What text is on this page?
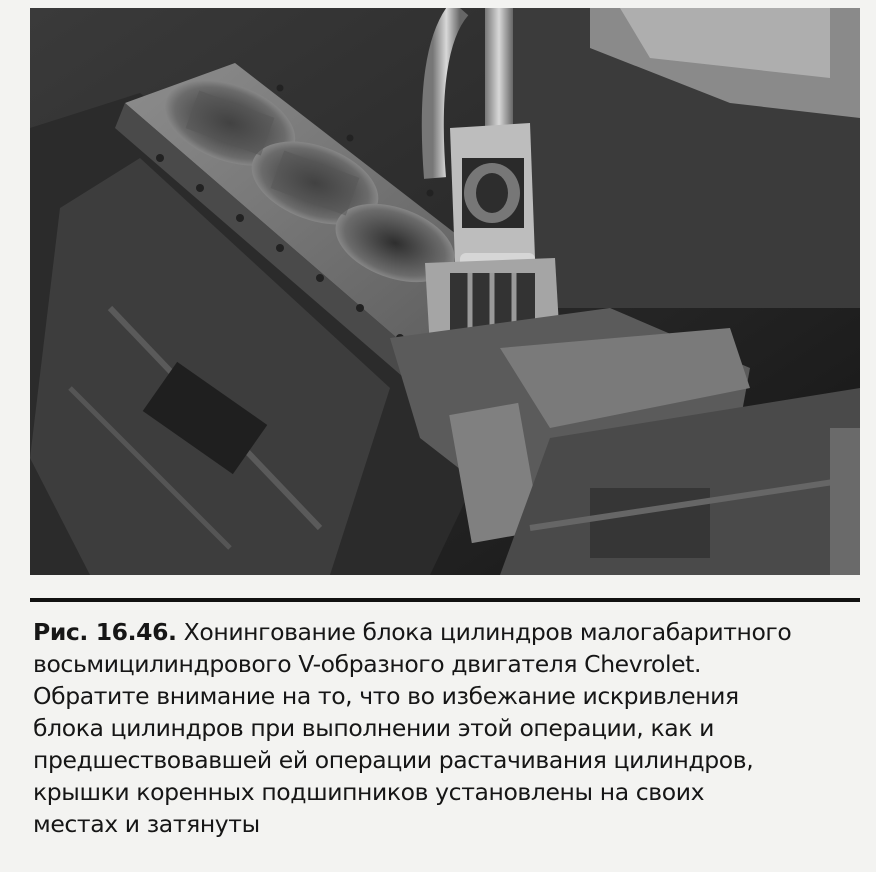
Рис. 16.46. Хонингование блока цилиндров малогабаритного
восьмицилиндрового V-образного двигателя Chevrolet.
Обратите внимание на то, что во избежание искривления
блока цилиндров при выполнении этой операции, как и
предшествовавшей ей операции растачивания цилиндров,
крышки коренных подшипников установлены на своих
местах и затянуты
